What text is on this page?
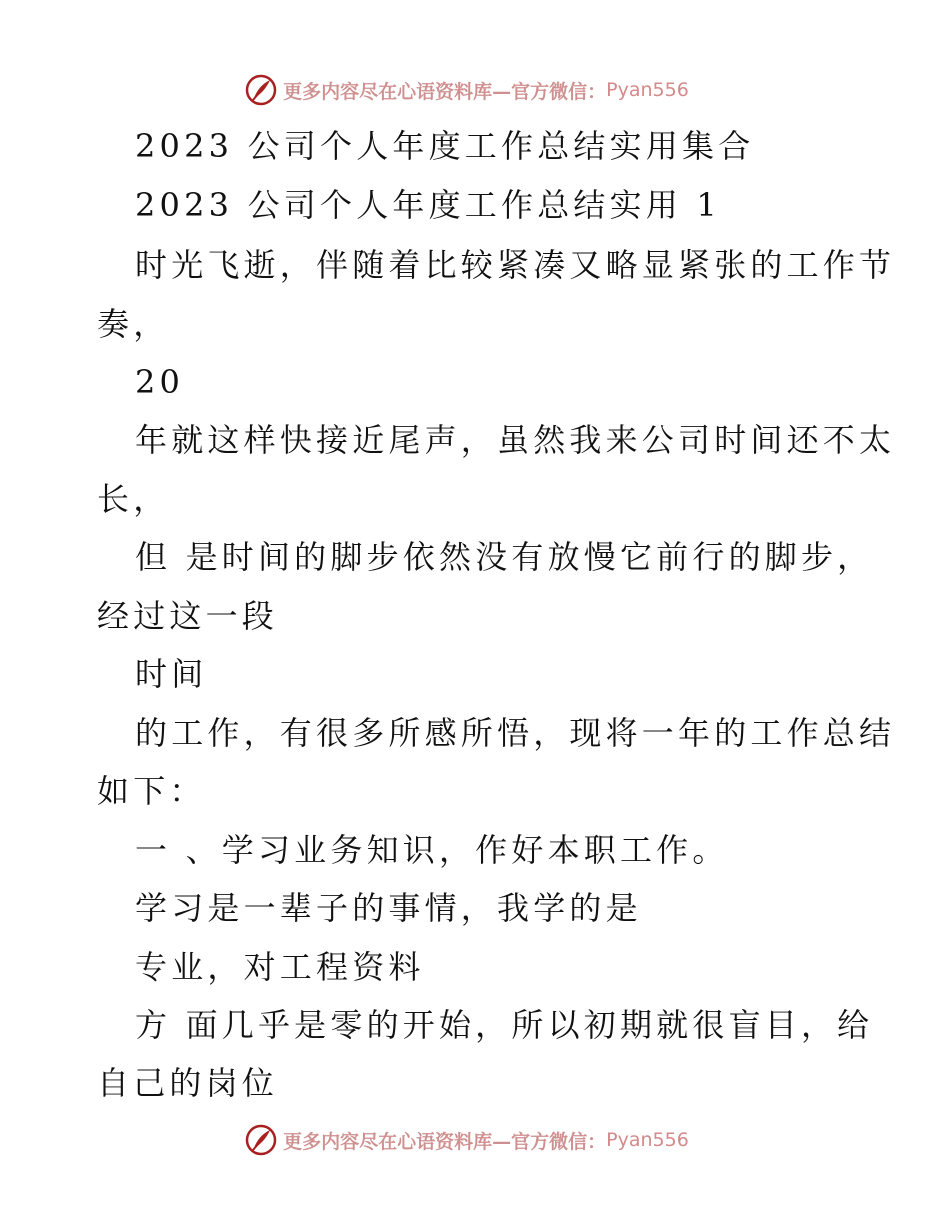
更多内容尽在心语资料库—官方微信： Pyan556
2023 公司个人年度工作总结实用集合
2023 公司个人年度工作总结实用 1
时光飞逝，伴随着比较紧凑又略显紧张的工作节
奏，
20
年就这样快接近尾声，虽然我来公司时间还不太
长，
但 是时间的脚步依然没有放慢它前行的脚步，
经过这一段
时间
的工作，有很多所感所悟，现将一年的工作总结
如下：
一 、学习业务知识，作好本职工作。
学习是一辈子的事情，我学的是
专业，对工程资料
方 面几乎是零的开始，所以初期就很盲目，给
自己的岗位
更多内容尽在心语资料库—官方微信： Pyan556
